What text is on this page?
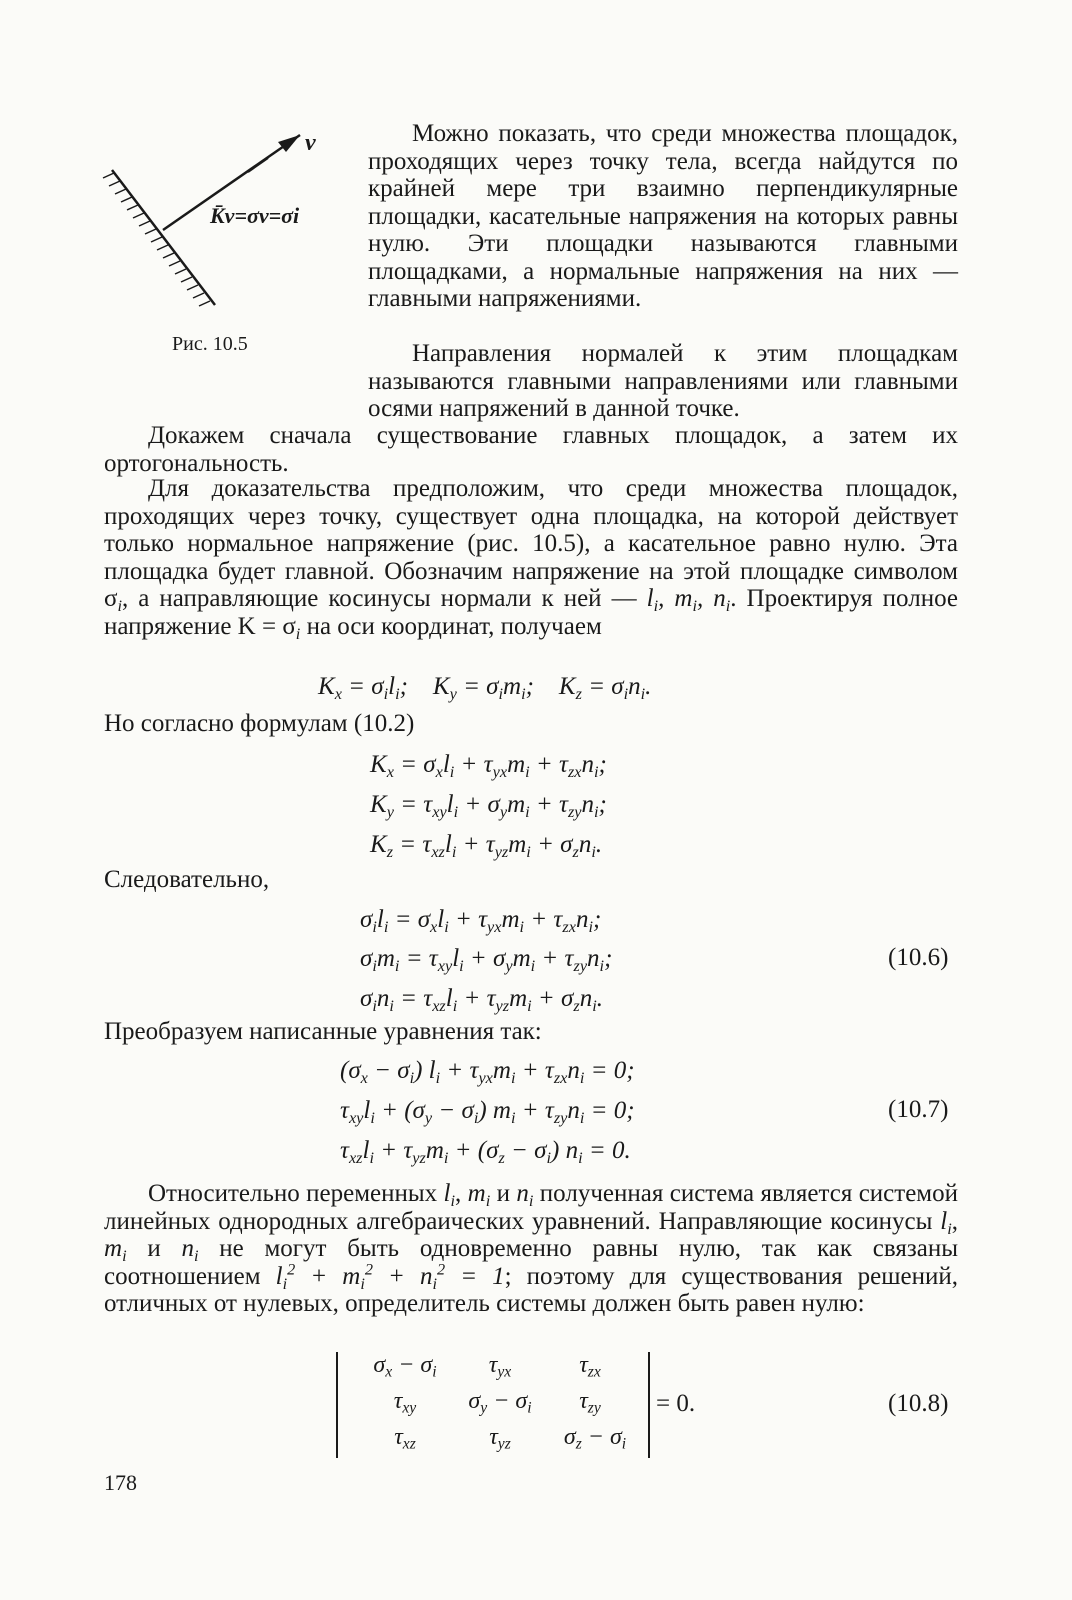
ν
K̄ν=σν=σi
Рис. 10.5

Можно показать, что среди множества площадок, проходящих через точку тела, всегда найдутся по крайней мере три взаимно перпендикулярные площадки, касательные напряжения на которых равны нулю. Эти площадки называются главными площадками, а нормальные напряжения на них — главными напряжениями.

Направления нормалей к этим площадкам называются главными направлениями или главными осями напряжений в данной точке.

Докажем сначала существование главных площадок, а затем их ортогональность.

Для доказательства предположим, что среди множества площадок, проходящих через точку, существует одна площадка, на которой действует только нормальное напряжение (рис. 10.5), а касательное равно нулю. Эта площадка будет главной. Обозначим напряжение на этой площадке символом $\sigma_i$, а направляющие косинусы нормали к ней — $l_i$, $m_i$, $n_i$. Проектируя полное напряжение $K = \sigma_i$ на оси координат, получаем

$K_x = \sigma_il_i$;    $K_y = \sigma_im_i$;    $K_z = \sigma_in_i$.

Но согласно формулам (10.2)

$K_x = \sigma_xl_i + \tau_{yx}m_i + \tau_{zx}n_i$;
$K_y = \tau_{xy}l_i + \sigma_ym_i + \tau_{zy}n_i$;
$K_z = \tau_{xz}l_i + \tau_{yz}m_i + \sigma_zn_i$.

Следовательно,

$\sigma_il_i = \sigma_xl_i + \tau_{yx}m_i + \tau_{zx}n_i$;
$\sigma_im_i = \tau_{xy}l_i + \sigma_ym_i + \tau_{zy}n_i$;
$\sigma_in_i = \tau_{xz}l_i + \tau_{yz}m_i + \sigma_zn_i$.
(10.6)

Преобразуем написанные уравнения так:

$(\sigma_x - \sigma_i) l_i + \tau_{yx}m_i + \tau_{zx}n_i = 0$;
$\tau_{xy}l_i + (\sigma_y - \sigma_i) m_i + \tau_{zy}n_i = 0$;
$\tau_{xz}l_i + \tau_{yz}m_i + (\sigma_z - \sigma_i) n_i = 0$.
(10.7)

Относительно переменных $l_i$, $m_i$ и $n_i$ полученная система является системой линейных однородных алгебраических уравнений. Направляющие косинусы $l_i$, $m_i$ и $n_i$ не могут быть одновременно равны нулю, так как связаны соотношением $l_i^2 + m_i^2 + n_i^2 = 1$; поэтому для существования решений, отличных от нулевых, определитель системы должен быть равен нулю:

$\sigma_x - \sigma_i$	$\tau_{yx}$	$\tau_{zx}$
$\tau_{xy}$	$\sigma_y - \sigma_i$	$\tau_{zy}$
$\tau_{xz}$	$\tau_{yz}$	$\sigma_z - \sigma_i$
= 0.	(10.8)
178
